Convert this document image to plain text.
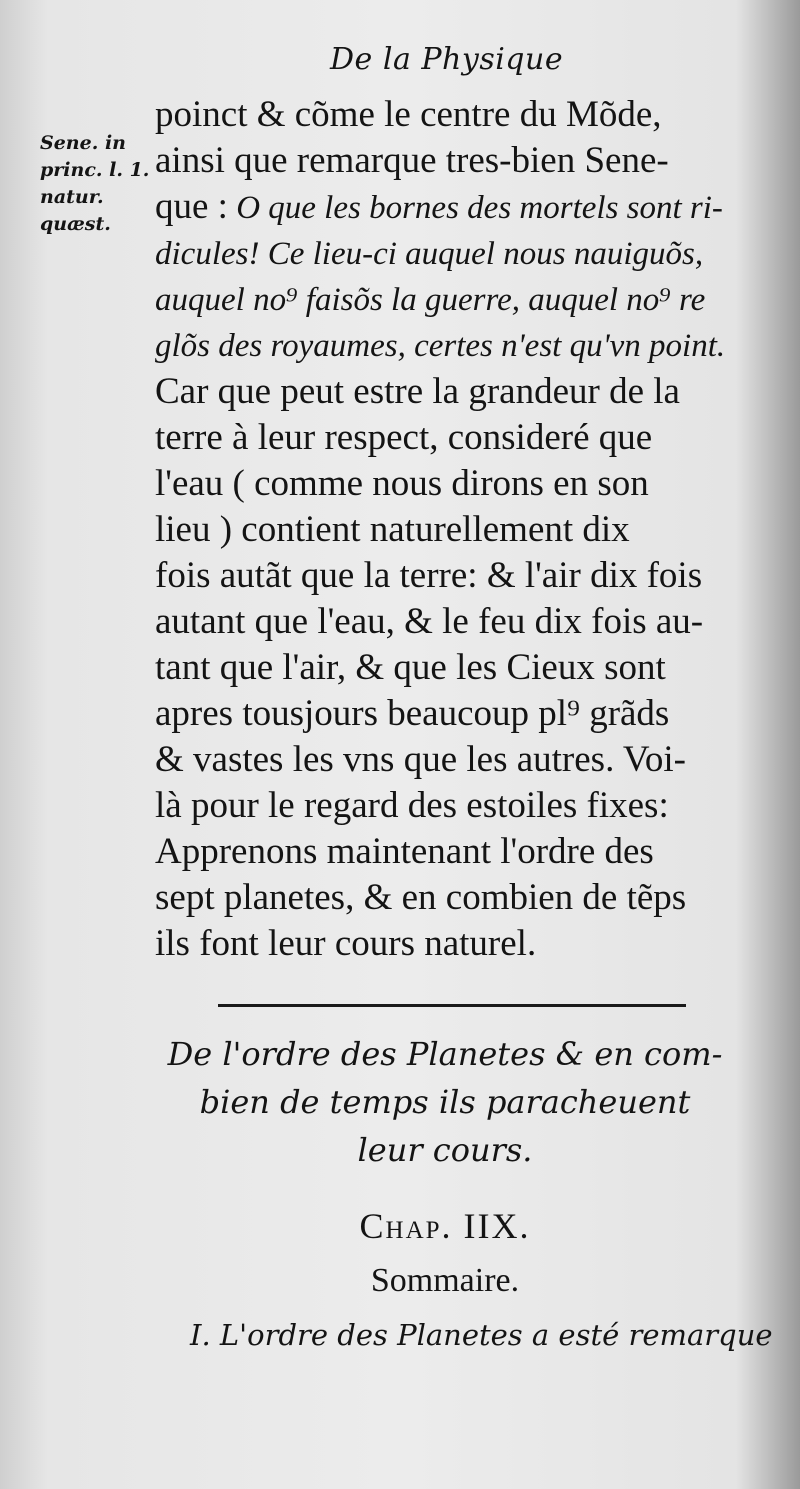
De la Physique
Sene. in
princ. l. 1.
natur.
quæst.
poinct & cõme le centre du Mõde,
ainsi que remarque tres-bien Sene-
que : O que les bornes des mortels sont ri-
dicules! Ce lieu-ci auquel nous nauiguõs,
auquel no⁹ faisõs la guerre, auquel no⁹ re
glõs des royaumes, certes n'est qu'vn point.
Car que peut estre la grandeur de la
terre à leur respect, consideré que
l'eau ( comme nous dirons en son
lieu ) contient naturellement dix
fois autãt que la terre: & l'air dix fois
autant que l'eau, & le feu dix fois au-
tant que l'air, & que les Cieux sont
apres tousjours beaucoup pl⁹ grãds
& vastes les vns que les autres. Voi-
là pour le regard des estoiles fixes:
Apprenons maintenant l'ordre des
sept planetes, & en combien de tẽps
ils font leur cours naturel.
De l'ordre des Planetes & en com-
bien de temps ils paracheuent
leur cours.
Chap. IIX.
Sommaire.
I. L'ordre des Planetes a esté remarque
